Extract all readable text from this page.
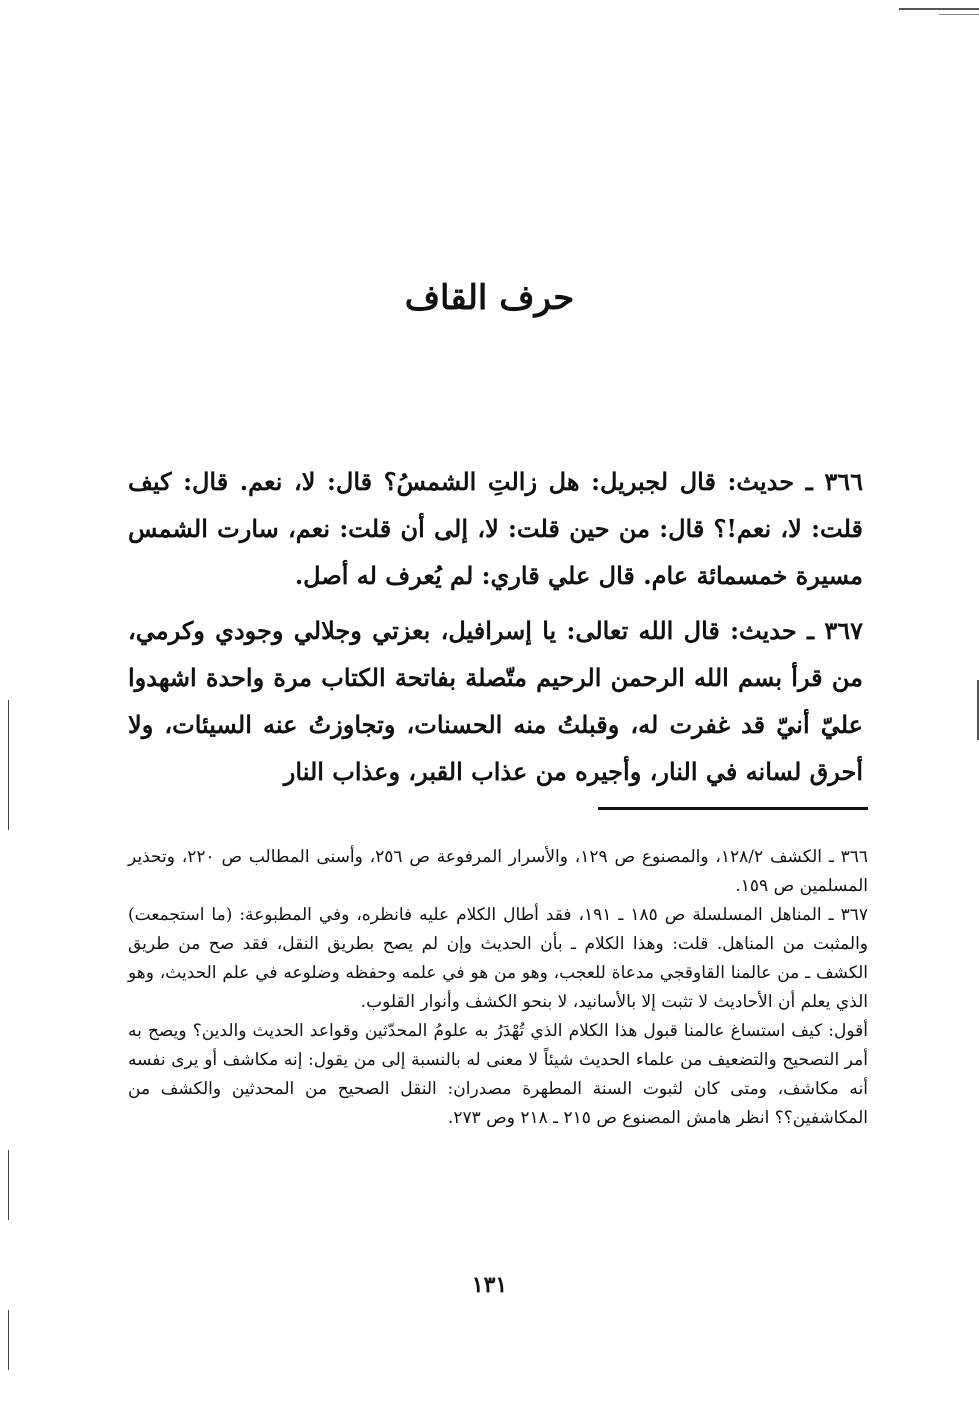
حرف القاف

٣٦٦ ـ حديث: قال لجبريل: هل زالتِ الشمسُ؟ قال: لا، نعم. قال: كيف قلت: لا، نعم!؟ قال: من حين قلت: لا، إلى أن قلت: نعم، سارت الشمس مسيرة خمسمائة عام. قال علي قاري: لم يُعرف له أصل.

٣٦٧ ـ حديث: قال الله تعالى: يا إسرافيل، بعزتي وجلالي وجودي وكرمي، من قرأ بسم الله الرحمن الرحيم متّصلة بفاتحة الكتاب مرة واحدة اشهدوا عليّ أنيّ قد غفرت له، وقبلتُ منه الحسنات، وتجاوزتُ عنه السيئات، ولا أحرق لسانه في النار، وأجيره من عذاب القبر، وعذاب النار

٣٦٦ ـ الكشف ١٢٨/٢، والمصنوع ص ١٢٩، والأسرار المرفوعة ص ٢٥٦، وأسنى المطالب ص ٢٢٠، وتحذير المسلمين ص ١٥٩.

٣٦٧ ـ المناهل المسلسلة ص ١٨٥ ـ ١٩١، فقد أطال الكلام عليه فانظره، وفي المطبوعة: (ما استجمعت) والمثبت من المناهل. قلت: وهذا الكلام ـ بأن الحديث وإن لم يصح بطريق النقل، فقد صح من طريق الكشف ـ من عالمنا القاوقجي مدعاة للعجب، وهو من هو في علمه وحفظه وضلوعه في علم الحديث، وهو الذي يعلم أن الأحاديث لا تثبت إلا بالأسانيد، لا بنحو الكشف وأنوار القلوب.

أقول: كيف استساغ عالمنا قبول هذا الكلام الذي تُهْدَرُ به علومُ المحدّثين وقواعد الحديث والدين؟ ويصح به أمر التصحيح والتضعيف من علماء الحديث شيئاً لا معنى له بالنسبة إلى من يقول: إنه مكاشف أو يرى نفسه أنه مكاشف، ومتى كان لثبوت السنة المطهرة مصدران: النقل الصحيح من المحدثين والكشف من المكاشفين؟؟ انظر هامش المصنوع ص ٢١٥ ـ ٢١٨ وص ٢٧٣.

١٣١
